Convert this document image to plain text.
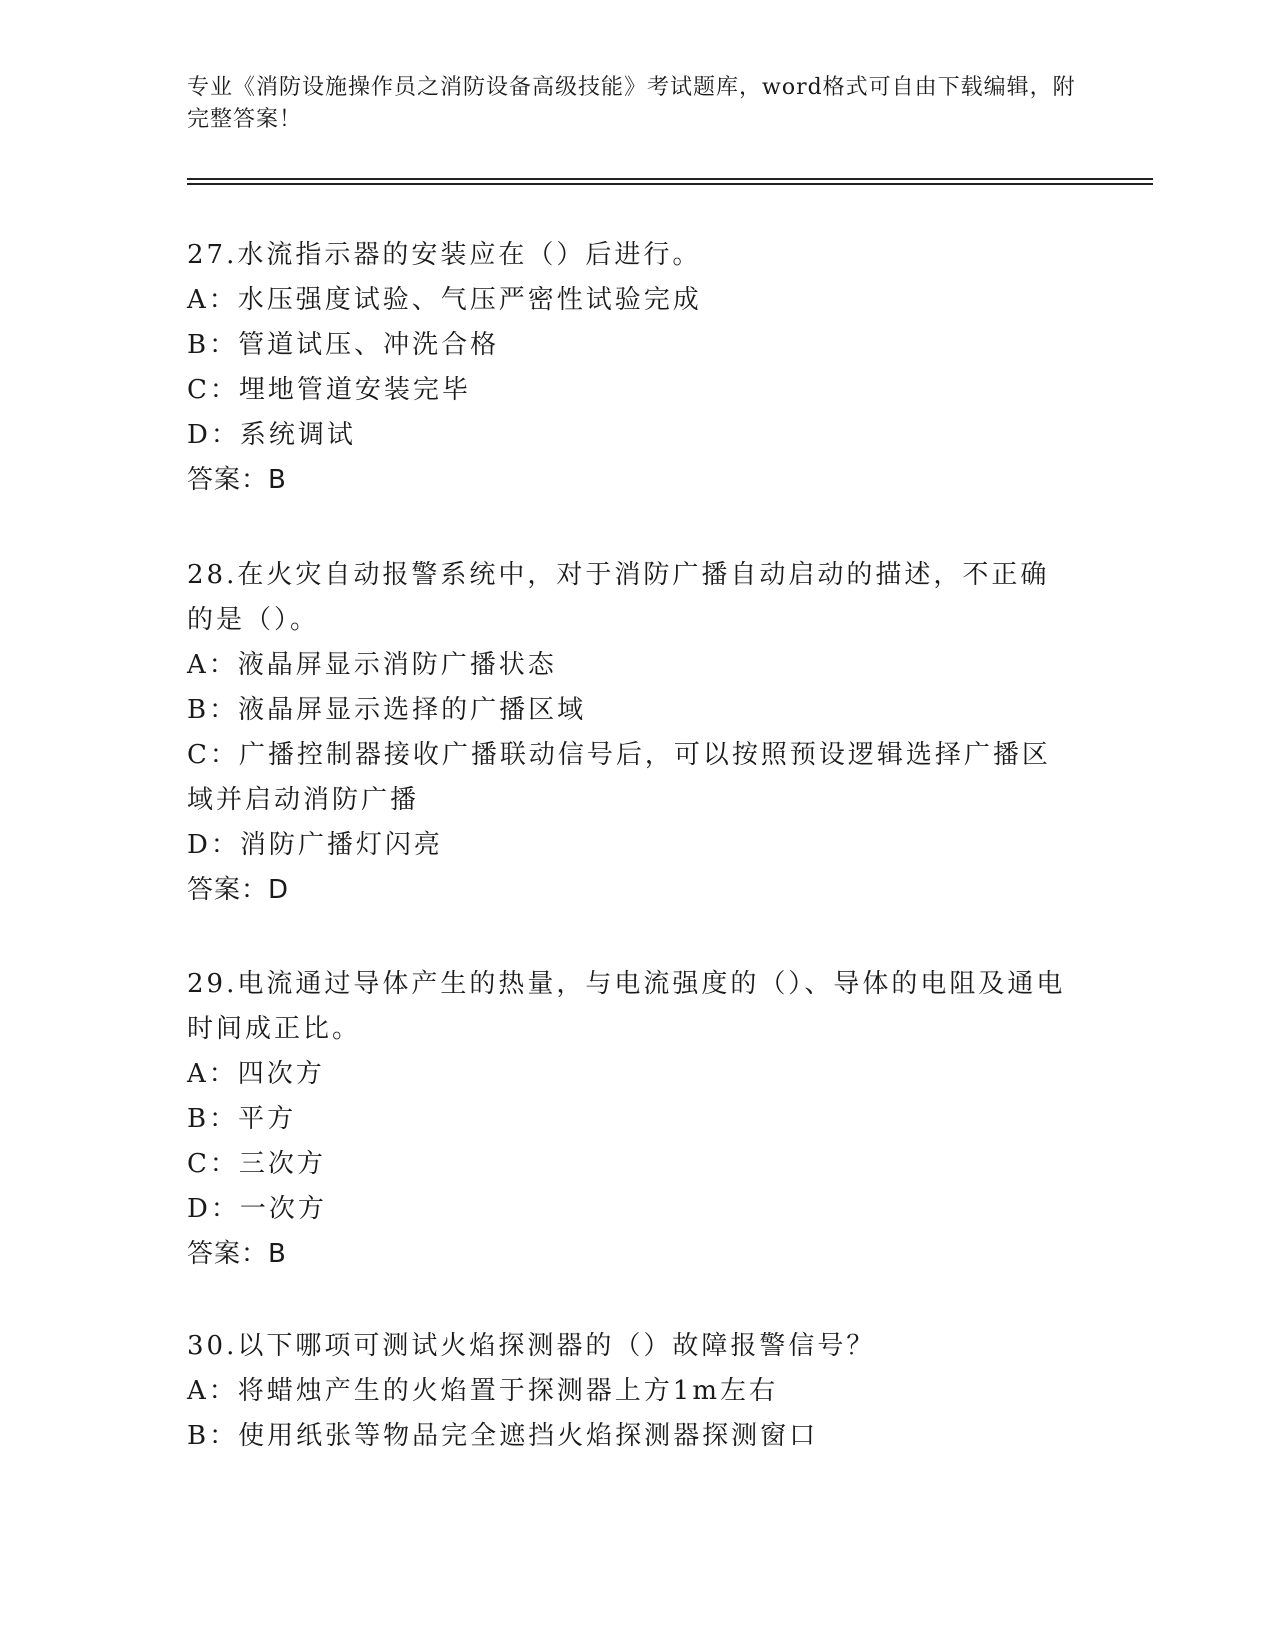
专业《消防设施操作员之消防设备高级技能》考试题库，word格式可自由下载编辑，附完整答案！
27.水流指示器的安装应在（）后进行。
A：水压强度试验、气压严密性试验完成
B：管道试压、冲洗合格
C：埋地管道安装完毕
D：系统调试
答案：B
28.在火灾自动报警系统中，对于消防广播自动启动的描述，不正确的是（）。
A：液晶屏显示消防广播状态
B：液晶屏显示选择的广播区域
C：广播控制器接收广播联动信号后，可以按照预设逻辑选择广播区域并启动消防广播
D：消防广播灯闪亮
答案：D
29.电流通过导体产生的热量，与电流强度的（）、导体的电阻及通电时间成正比。
A：四次方
B：平方
C：三次方
D：一次方
答案：B
30.以下哪项可测试火焰探测器的（）故障报警信号？
A：将蜡烛产生的火焰置于探测器上方1m左右
B：使用纸张等物品完全遮挡火焰探测器探测窗口
